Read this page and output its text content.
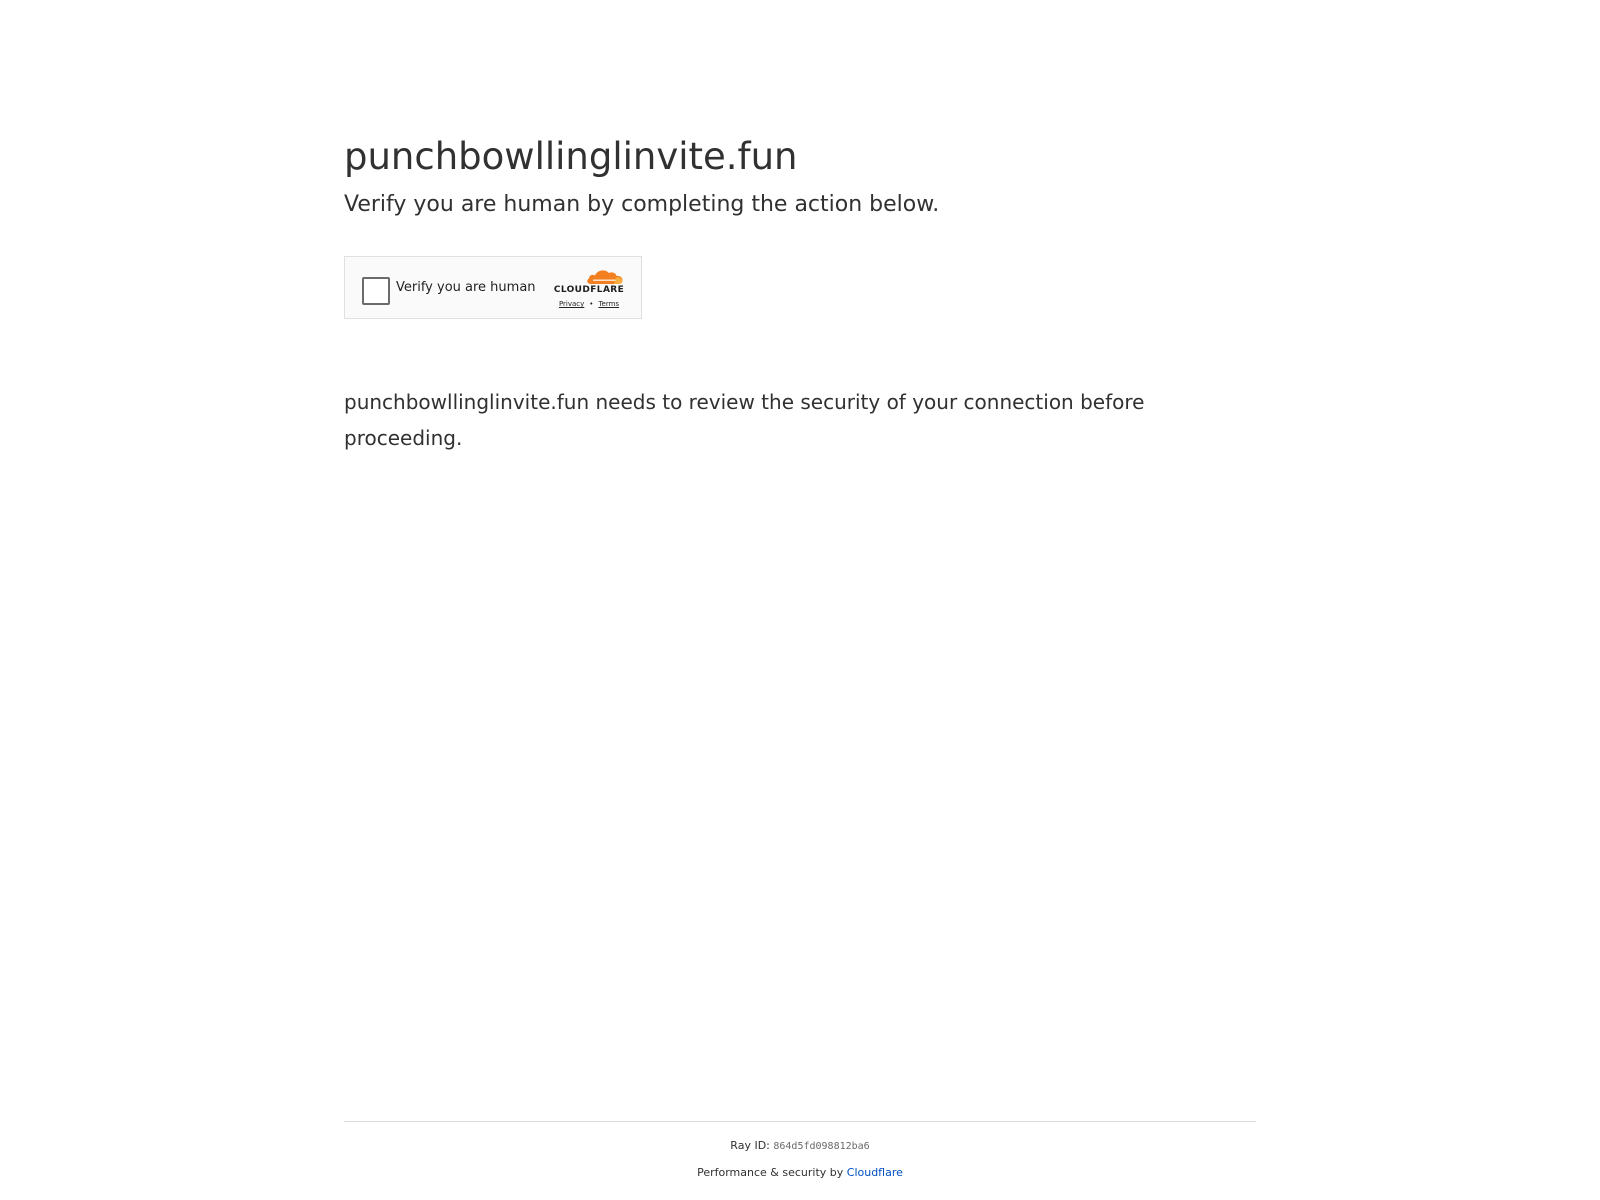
punchbowllinglinvite.fun
Verify you are human by completing the action below.
Verify you are human	CLOUDFLARE
Privacy • Terms

punchbowllinglinvite.fun needs to review the security of your connection before proceeding.

Ray ID: 864d5fd098812ba6
Performance & security by Cloudflare
